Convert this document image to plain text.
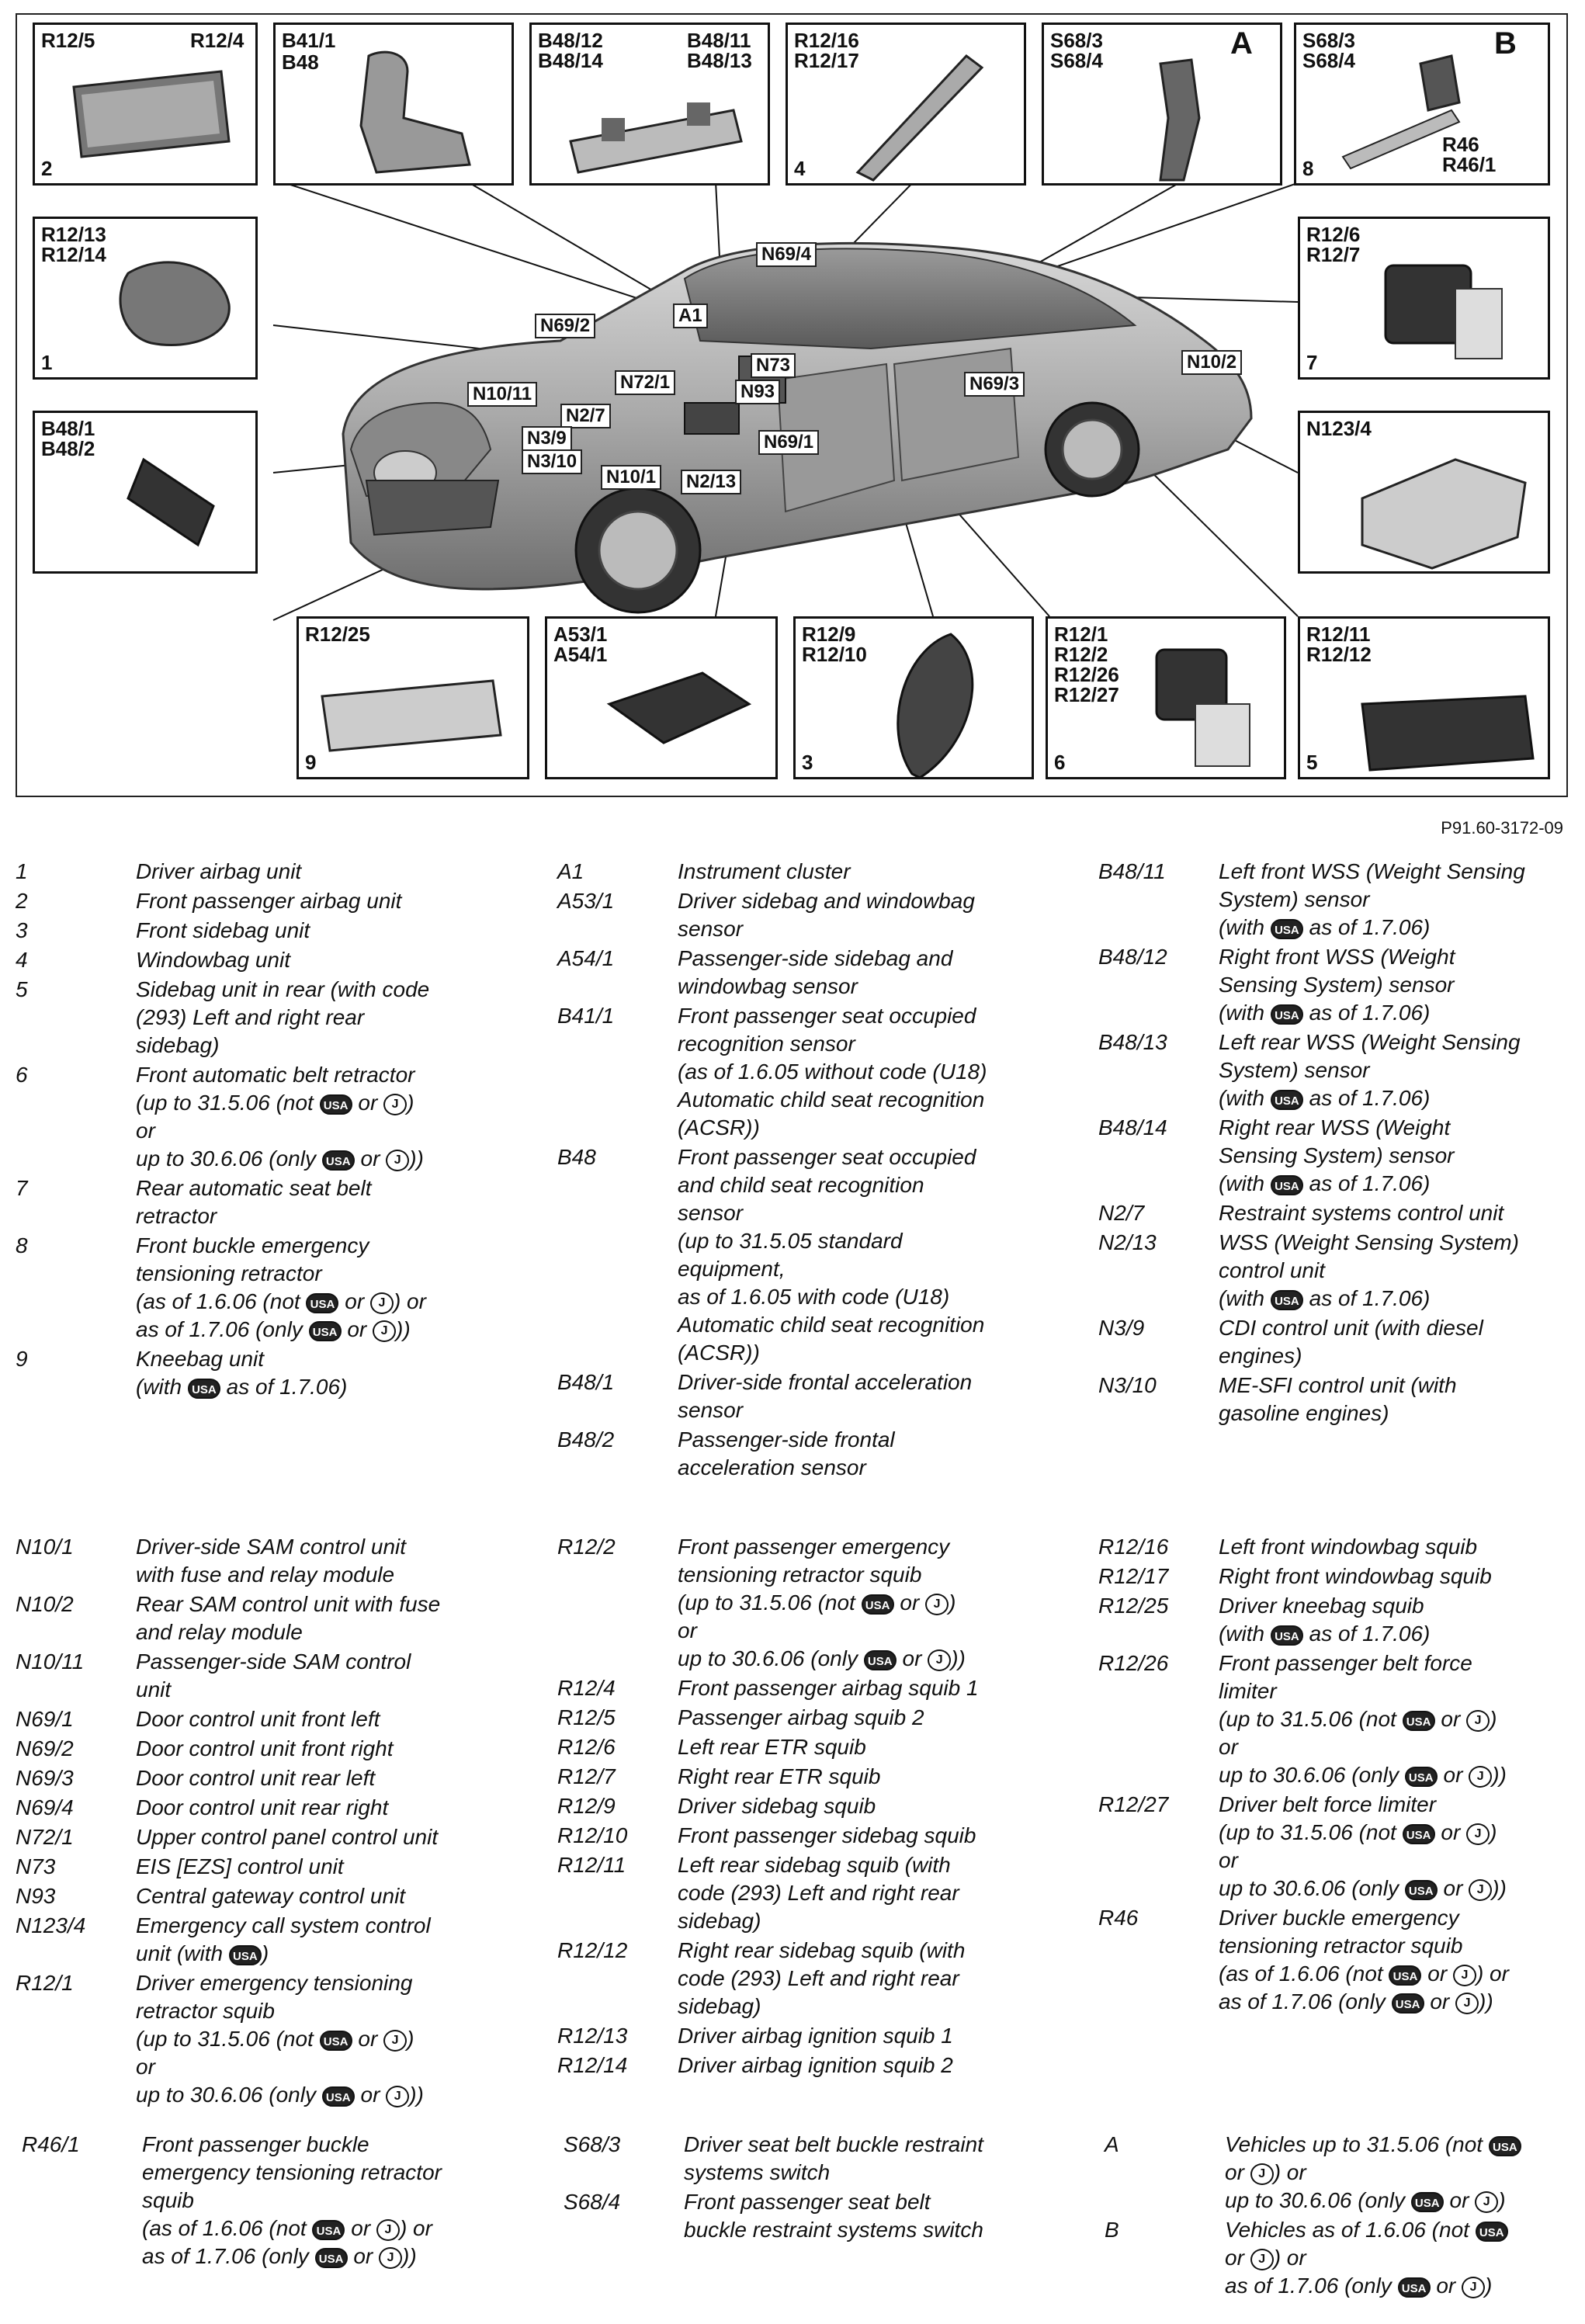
R12/5	R12/4
2
B41/1
B48
B48/12
B48/14
B48/11
B48/13
R12/16
R12/17
4
S68/3
S68/4	A S68/3
S68/4
R46
R46/1
8
B
R12/13
R12/14
1
R12/6
R12/7
7
B48/1
B48/2
N123/4
R12/25
9
A53/1
A54/1
R12/9
R12/10
3
R12/1
R12/2
R12/26
R12/27
6
R12/11
R12/12
5
N69/4
A1
N69/2
N73
N72/1	N93
N10/11
N2/7
N3/9
N3/10
N10/1 N2/13
N69/1
N69/3
N10/2
P91.60-3172-09
1	Driver airbag unit
2	Front passenger airbag unit
3	Front sidebag unit
4	Windowbag unit
5	Sidebag unit in rear (with code
(293) Left and right rear
sidebag)
6	Front automatic belt retractor
(up to 31.5.06 (not USA or J )
or
up to 30.6.06 (only USA or J ))
7	Rear automatic seat belt
retractor
8	Front buckle emergency
tensioning retractor
(as of 1.6.06 (not USA or J ) or
as of 1.7.06 (only USA or J ))
9	Kneebag unit
(with USA as of 1.7.06)
A1	Instrument cluster
A53/1	Driver sidebag and windowbag
sensor
A54/1	Passenger-side sidebag and
windowbag sensor
B41/1	Front passenger seat occupied
recognition sensor
(as of 1.6.05 without code (U18)
Automatic child seat recognition
(ACSR))
B48	Front passenger seat occupied
and child seat recognition
sensor
(up to 31.5.05 standard
equipment,
as of 1.6.05 with code (U18)
Automatic child seat recognition
(ACSR))
B48/1	Driver-side frontal acceleration
sensor
B48/2	Passenger-side frontal
acceleration sensor
B48/11 Left front WSS (Weight Sensing
System) sensor
(with USA as of 1.7.06)
B48/12 Right front WSS (Weight
Sensing System) sensor
(with USA as of 1.7.06)
B48/13 Left rear WSS (Weight Sensing
System) sensor
(with USA as of 1.7.06)
B48/14 Right rear WSS (Weight
Sensing System) sensor
(with USA as of 1.7.06)
N2/7	Restraint systems control unit
N2/13	WSS (Weight Sensing System)
control unit
(with USA as of 1.7.06)
N3/9	CDI control unit (with diesel
engines)
N3/10	ME-SFI control unit (with
gasoline engines)
N10/1	Driver-side SAM control unit
with fuse and relay module
N10/2	Rear SAM control unit with fuse
and relay module
N10/11 Passenger-side SAM control
unit
N69/1	Door control unit front left
N69/2	Door control unit front right
N69/3	Door control unit rear left
N69/4	Door control unit rear right
N72/1	Upper control panel control unit
N73	EIS [EZS] control unit
N93	Central gateway control unit
N123/4 Emergency call system control
unit (with USA )
R12/1	Driver emergency tensioning
retractor squib
(up to 31.5.06 (not USA or J )
or
up to 30.6.06 (only USA or J ))
R12/2	Front passenger emergency
tensioning retractor squib
(up to 31.5.06 (not USA or J )
or
up to 30.6.06 (only USA or J ))
R12/4	Front passenger airbag squib 1
R12/5	Passenger airbag squib 2
R12/6	Left rear ETR squib
R12/7	Right rear ETR squib
R12/9	Driver sidebag squib
R12/10 Front passenger sidebag squib
R12/11 Left rear sidebag squib (with
code (293) Left and right rear
sidebag)
R12/12 Right rear sidebag squib (with
code (293) Left and right rear
sidebag)
R12/13 Driver airbag ignition squib 1
R12/14 Driver airbag ignition squib 2
R12/16 Left front windowbag squib
R12/17 Right front windowbag squib
R12/25 Driver kneebag squib
(with USA as of 1.7.06)
R12/26 Front passenger belt force
limiter
(up to 31.5.06 (not USA or J )
or
up to 30.6.06 (only USA or J ))
R12/27 Driver belt force limiter
(up to 31.5.06 (not USA or J )
or
up to 30.6.06 (only USA or J ))
R46	Driver buckle emergency
tensioning retractor squib
(as of 1.6.06 (not USA or J ) or
as of 1.7.06 (only USA or J ))
R46/1	Front passenger buckle
emergency tensioning retractor
squib
(as of 1.6.06 (not USA or J ) or
as of 1.7.06 (only USA or J ))
S68/3	Driver seat belt buckle restraint
systems switch
S68/4	Front passenger seat belt
buckle restraint systems switch
A	Vehicles up to 31.5.06 (not USA
or J ) or
up to 30.6.06 (only USA or J )
B	Vehicles as of 1.6.06 (not USA
or J ) or
as of 1.7.06 (only USA or J )
